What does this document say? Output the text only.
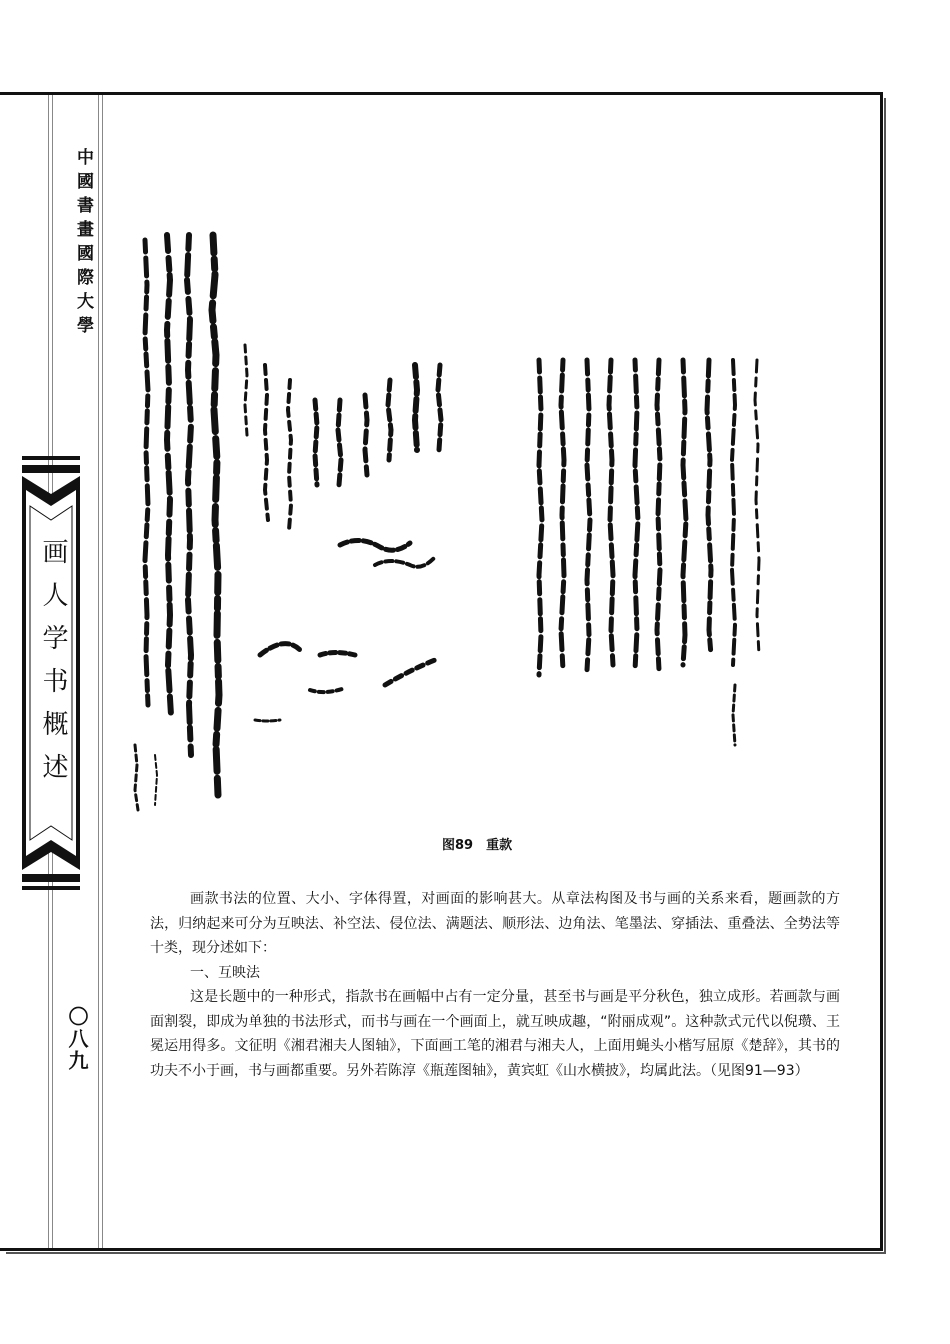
中國書畫國際大學
画人学书概述
〇八九
图89　重款

画款书法的位置、大小、字体得置，对画面的影响甚大。从章法构图及书与画的关系来看，题画款的方法，归纳起来可分为互映法、补空法、侵位法、满题法、顺形法、边角法、笔墨法、穿插法、重叠法、全势法等十类，现分述如下：

一、互映法

这是长题中的一种形式，指款书在画幅中占有一定分量，甚至书与画是平分秋色，独立成形。若画款与画面割裂，即成为单独的书法形式，而书与画在一个画面上，就互映成趣，“附丽成观”。这种款式元代以倪瓒、王冕运用得多。文征明《湘君湘夫人图轴》，下面画工笔的湘君与湘夫人，上面用蝇头小楷写屈原《楚辞》，其书的功夫不小于画，书与画都重要。另外若陈淳《瓶莲图轴》，黄宾虹《山水横披》，均属此法。（见图91—93）
